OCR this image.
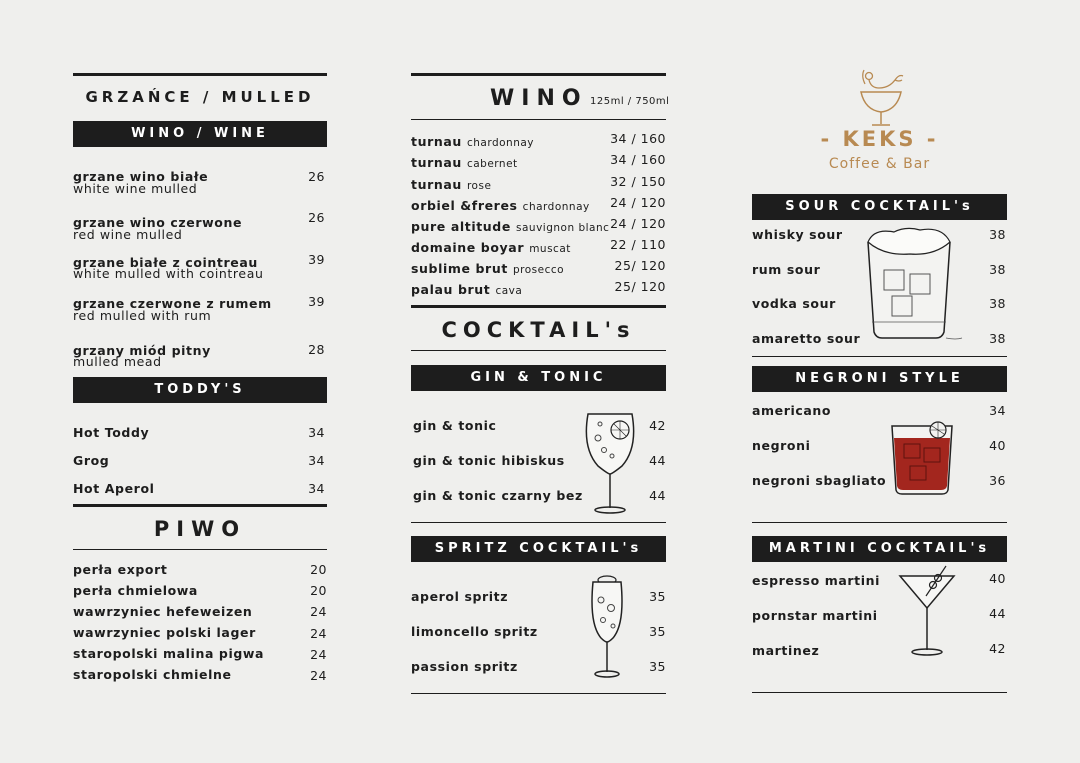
GRZAŃCE / MULLED
WINO / WINE
grzane wino białe
white wine mulled
26
grzane wino czerwone
red wine mulled
26
grzane białe z cointreau
white mulled with cointreau
39
grzane czerwone z rumem
red mulled with rum
39
grzany miód pitny
mulled mead
28
TODDY'S
Hot Toddy	34
Grog	34
Hot Aperol	34
PIWO
perła export	20
perła chmielowa	20
wawrzyniec hefeweizen	24
wawrzyniec polski lager	24
staropolski malina pigwa	24
staropolski chmielne	24
WINO 125ml / 750ml
turnau chardonnay	34 / 160
turnau cabernet	34 / 160
turnau rose	32 / 150
orbiel &freres chardonnay	24 / 120
pure altitude sauvignon blanc 24 / 120
domaine boyar muscat	22 / 110
sublime brut prosecco	25/ 120
palau brut cava	25/ 120
COCKTAIL's
GIN & TONIC
gin & tonic	42
gin & tonic hibiskus	44
gin & tonic czarny bez	44
SPRITZ COCKTAIL's
aperol spritz	35
limoncello spritz	35
passion spritz	35
- KEKS -
Coffee & Bar
SOUR COCKTAIL's
whisky sour	38
rum sour	38
vodka sour	38
amaretto sour	38
NEGRONI STYLE
americano	34
negroni	40
negroni sbagliato	36
MARTINI COCKTAIL's
espresso martini	40
pornstar martini	44
martinez	42
